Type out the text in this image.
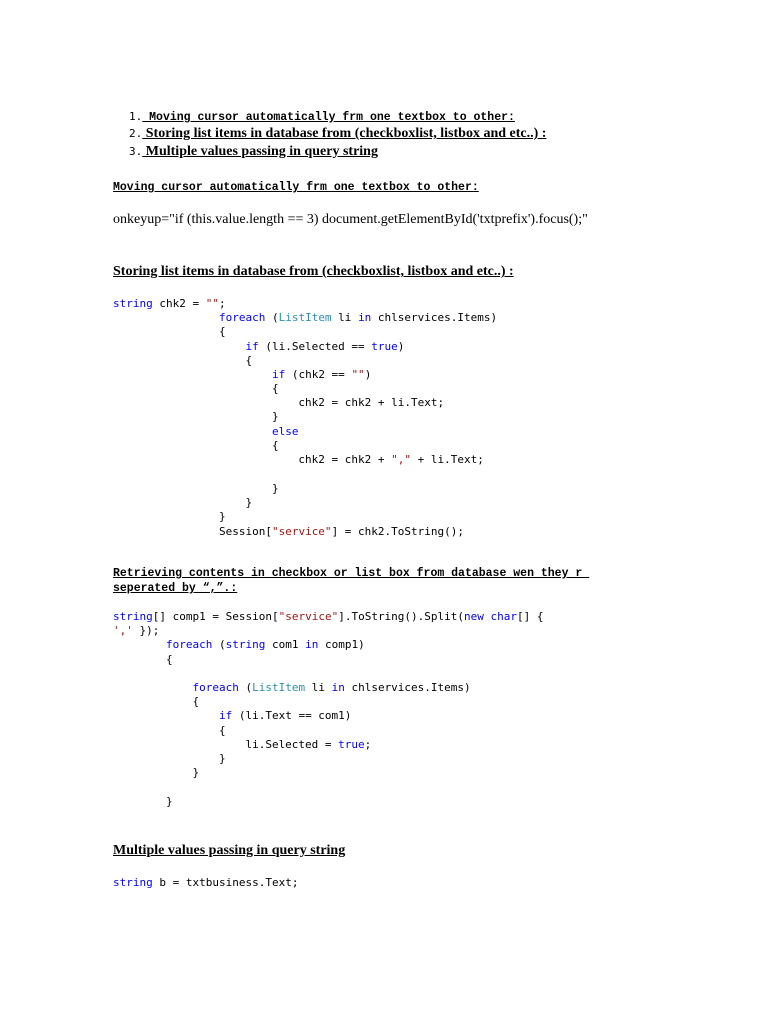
1. Moving cursor automatically frm one textbox to other:

2. Storing list items in database from (checkboxlist, listbox and etc..) :

3. Multiple values passing in query string

Moving cursor automatically frm one textbox to other:
onkeyup="if (this.value.length == 3) document.getElementById('txtprefix').focus();"
Storing list items in database from (checkboxlist, listbox and etc..) :
string chk2 = "";
foreach (ListItem li in chlservices.Items)
{
if (li.Selected == true)
{
if (chk2 == "")
{
chk2 = chk2 + li.Text;
}
else
{
chk2 = chk2 + "," + li.Text;
}
}
}
Session["service"] = chk2.ToString();
Retrieving contents in checkbox or list box from database wen they r
seperated by “,”.:
string[] comp1 = Session["service"].ToString().Split(new char[] {
',' });
foreach (string com1 in comp1)
{
foreach (ListItem li in chlservices.Items)
{
if (li.Text == com1)
{
li.Selected = true;
}
}
}
Multiple values passing in query string
string b = txtbusiness.Text;
